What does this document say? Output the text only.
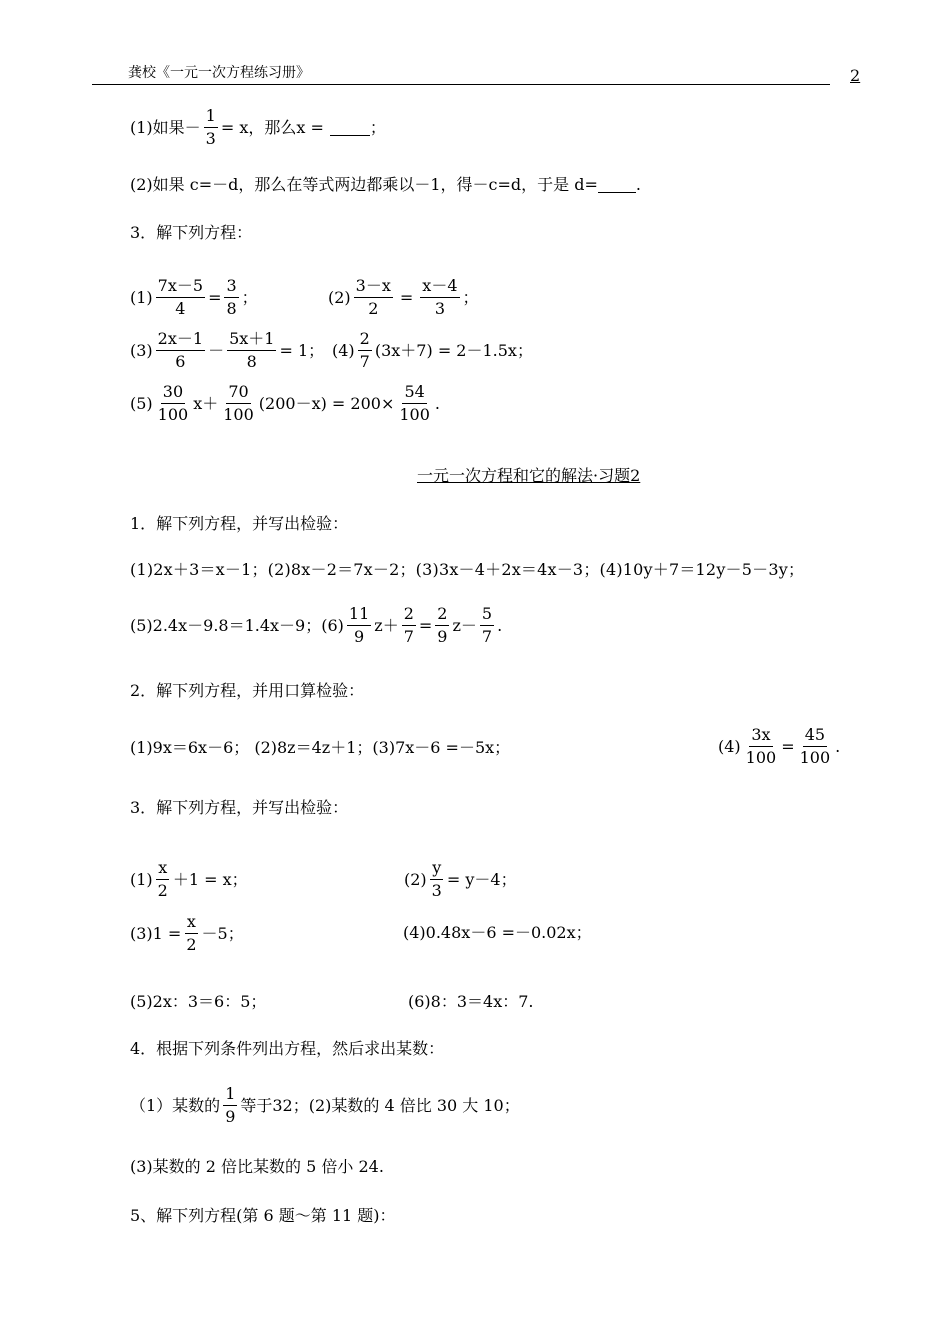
龚校《一元一次方程练习册》	2
(1)如果－ $\frac{1}{3} = x$，那么x =
	；
(2)如果 c=－d，那么在等式两边都乘以－1，得－c=d，于是 d=
.
3．解下列方程：
$(1) \frac{7x-5}{4} = \frac{3}{8}$ ；	$(2) \frac{3-x}{2} = \frac{x-4}{3}$ ；
$(3) \frac{2x-1}{6} - \frac{5x+1}{8} = 1$； $(4) \frac{2}{7} (3x+7) = 2-1.5x$；
$(5) \frac{30}{100} x+ \frac{70}{100} (200-x) = 200\times \frac{54}{100}$ .
一元一次方程和它的解法·习题2
1．解下列方程，并写出检验：
(1)2x＋3＝x－1；(2)8x－2＝7x－2；(3)3x－4＋2x＝4x－3；(4)10y＋7＝12y－5－3y；
(5)2.4x－9.8＝1.4x－9；$(6) \frac{11}{9} z+ \frac{2}{7} = \frac{2}{9} z- \frac{5}{7}$ .
2．解下列方程，并用口算检验：
(1)9x＝6x－6； (2)8z＝4z＋1；(3)7x－6 =－5x；	$(4) \frac{3x}{100} = \frac{45}{100}$ .
3．解下列方程，并写出检验：
$(1) \frac{x}{2} +1 = x$；	$(2) \frac{y}{3} = y-4$；
$(3)1 = \frac{x}{2} -5$；	(4)0.48x－6 =－0.02x；
(5)2x：3＝6：5；	(6)8：3＝4x：7.
4．根据下列条件列出方程，然后求出某数：
（1）某数的 $\frac{1}{9}$ 等于32；(2)某数的 4 倍比 30 大 10；
(3)某数的 2 倍比某数的 5 倍小 24.
5、解下列方程(第 6 题～第 11 题)：
